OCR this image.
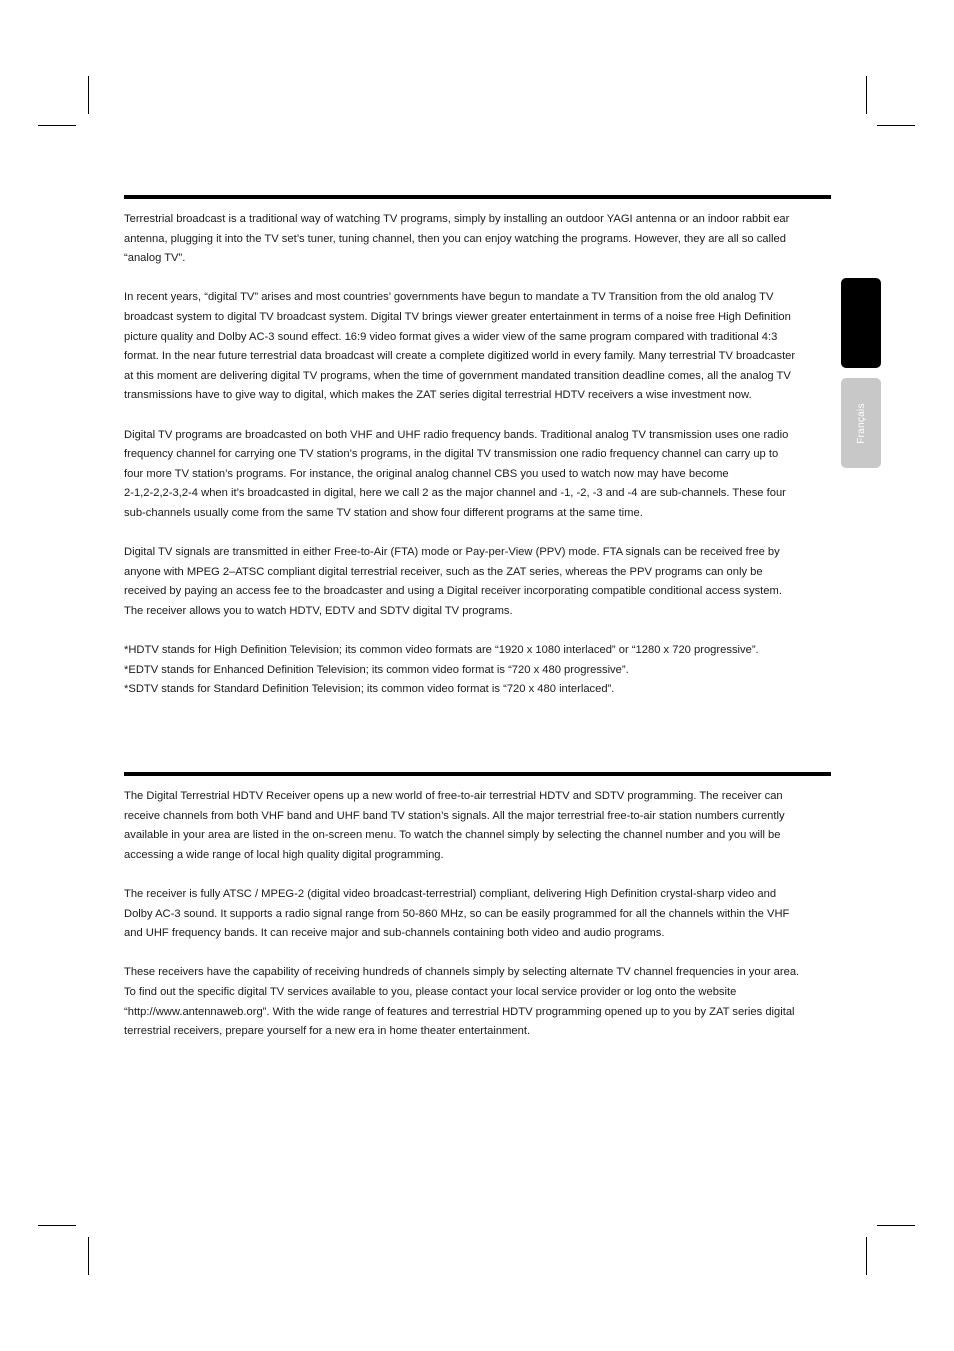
Français

Terrestrial broadcast is a traditional way of watching TV programs, simply by installing an outdoor YAGI antenna or an indoor rabbit ear

antenna, plugging it into the TV set’s tuner, tuning channel, then you can enjoy watching the programs. However, they are all so called

“analog TV”.

In recent years, “digital TV” arises and most countries’ governments have begun to mandate a TV Transition from the old analog TV

broadcast system to digital TV broadcast system. Digital TV brings viewer greater entertainment in terms of a noise free High Definition

picture quality and Dolby AC-3 sound effect. 16:9 video format gives a wider view of the same program compared with traditional 4:3

format. In the near future terrestrial data broadcast will create a complete digitized world in every family. Many terrestrial TV broadcaster

at this moment are delivering digital TV programs, when the time of government mandated transition deadline comes, all the analog TV

transmissions have to give way to digital, which makes the ZAT series digital terrestrial HDTV receivers a wise investment now.

Digital TV programs are broadcasted on both VHF and UHF radio frequency bands. Traditional analog TV transmission uses one radio

frequency channel for carrying one TV station’s programs, in the digital TV transmission one radio frequency channel can carry up to

four more TV station’s programs. For instance, the original analog channel CBS you used to watch now may have become

2-1,2-2,2-3,2-4 when it’s broadcasted in digital, here we call 2 as the major channel and -1, -2, -3 and -4 are sub-channels. These four

sub-channels usually come from the same TV station and show four different programs at the same time.

Digital TV signals are transmitted in either Free-to-Air (FTA) mode or Pay-per-View (PPV) mode. FTA signals can be received free by

anyone with MPEG 2–ATSC compliant digital terrestrial receiver, such as the ZAT series, whereas the PPV programs can only be

received by paying an access fee to the broadcaster and using a Digital receiver incorporating compatible conditional access system.

The receiver allows you to watch HDTV, EDTV and SDTV digital TV programs.

*HDTV stands for High Definition Television; its common video formats are “1920 x 1080 interlaced” or “1280 x 720 progressive”.

*EDTV stands for Enhanced Definition Television; its common video format is “720 x 480 progressive”.

*SDTV stands for Standard Definition Television; its common video format is “720 x 480 interlaced”.

The Digital Terrestrial HDTV Receiver opens up a new world of free-to-air terrestrial HDTV and SDTV programming. The receiver can

receive channels from both VHF band and UHF band TV station’s signals. All the major terrestrial free-to-air station numbers currently

available in your area are listed in the on-screen menu. To watch the channel simply by selecting the channel number and you will be

accessing a wide range of local high quality digital programming.

The receiver is fully ATSC / MPEG-2 (digital video broadcast-terrestrial) compliant, delivering High Definition crystal-sharp video and

Dolby AC-3 sound. It supports a radio signal range from 50-860 MHz, so can be easily programmed for all the channels within the VHF

and UHF frequency bands. It can receive major and sub-channels containing both video and audio programs.

These receivers have the capability of receiving hundreds of channels simply by selecting alternate TV channel frequencies in your area.

To find out the specific digital TV services available to you, please contact your local service provider or log onto the website

“http://www.antennaweb.org”. With the wide range of features and terrestrial HDTV programming opened up to you by ZAT series digital

terrestrial receivers, prepare yourself for a new era in home theater entertainment.
